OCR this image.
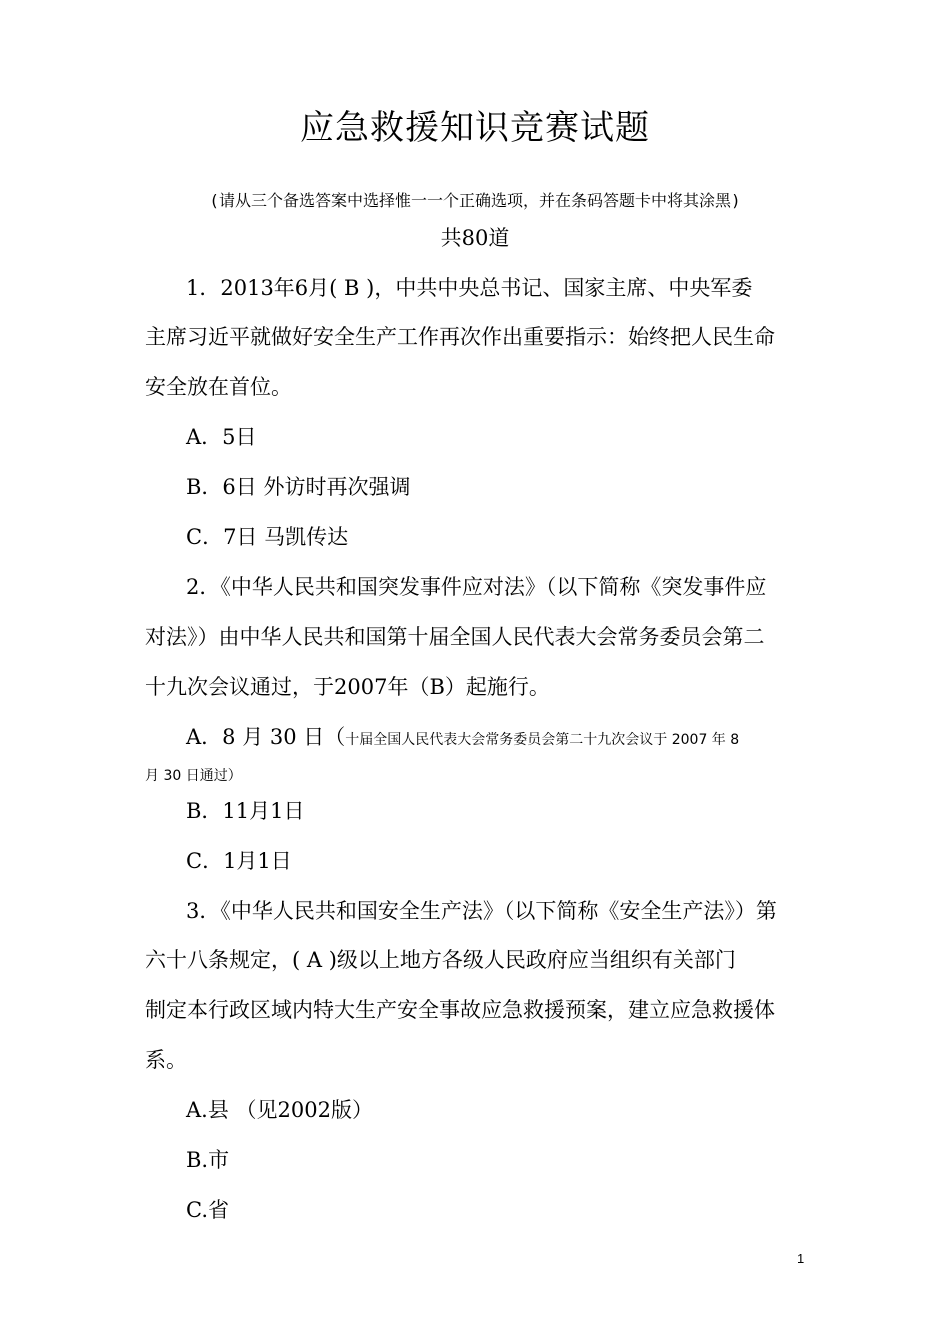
应急救援知识竞赛试题
(请从三个备选答案中选择惟一一个正确选项，并在条码答题卡中将其涂黑)
共80道
1．2013年6月( B )，中共中央总书记、国家主席、中央军委
主席习近平就做好安全生产工作再次作出重要指示：始终把人民生命
安全放在首位。
A．5日
B．6日 外访时再次强调
C．7日 马凯传达
2．《中华人民共和国突发事件应对法》（以下简称《突发事件应
对法》）由中华人民共和国第十届全国人民代表大会常务委员会第二
十九次会议通过，于2007年（B）起施行。
A．8 月 30 日（十届全国人民代表大会常务委员会第二十九次会议于 2007 年 8
月 30 日通过）
B．11月1日
C．1月1日
3．《中华人民共和国安全生产法》（以下简称《安全生产法》）第
六十八条规定，( A )级以上地方各级人民政府应当组织有关部门
制定本行政区域内特大生产安全事故应急救援预案，建立应急救援体
系。
A.县 （见2002版）
B.市
C.省
1
